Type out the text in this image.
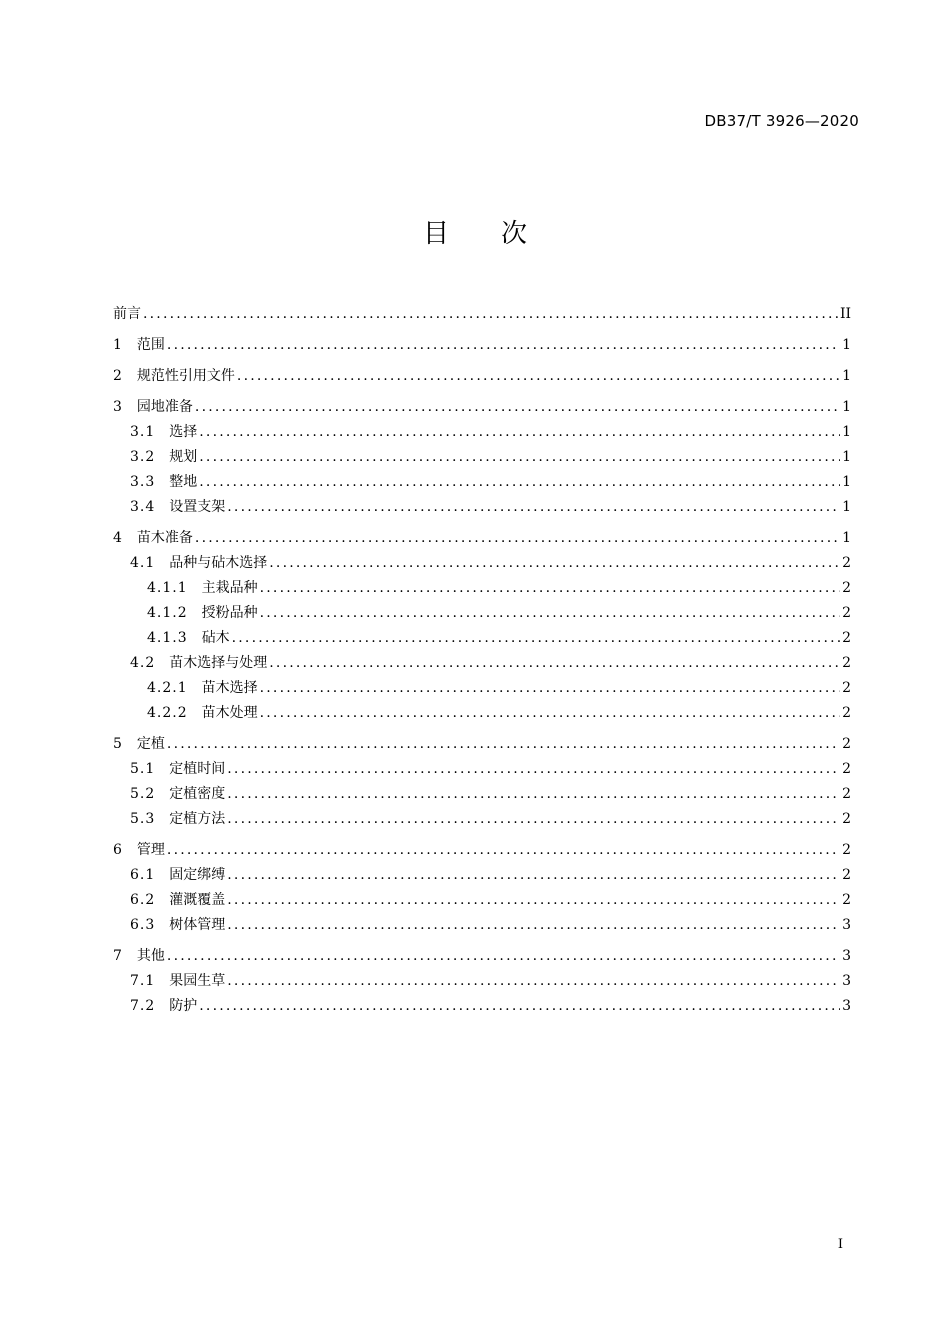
DB37/T 3926—2020
目　　次
前言 .....	II
1 范围 .....	1
2 规范性引用文件 .....	1
3 园地准备 .....	1
3.1 选择 .....	1
3.2 规划 .....	1
3.3 整地 .....	1
3.4 设置支架 .....	1
4 苗木准备 .....	1
4.1 品种与砧木选择 .....	2
4.1.1 主栽品种 .....	2
4.1.2 授粉品种 .....	2
4.1.3 砧木 .....	2
4.2 苗木选择与处理 .....	2
4.2.1 苗木选择 .....	2
4.2.2 苗木处理 .....	2
5 定植 .....	2
5.1 定植时间 .....	2
5.2 定植密度 .....	2
5.3 定植方法 .....	2
6 管理 .....	2
6.1 固定绑缚 .....	2
6.2 灌溉覆盖 .....	2
6.3 树体管理 .....	3
7 其他 .....	3
7.1 果园生草 .....	3
7.2 防护 .....	3
I
